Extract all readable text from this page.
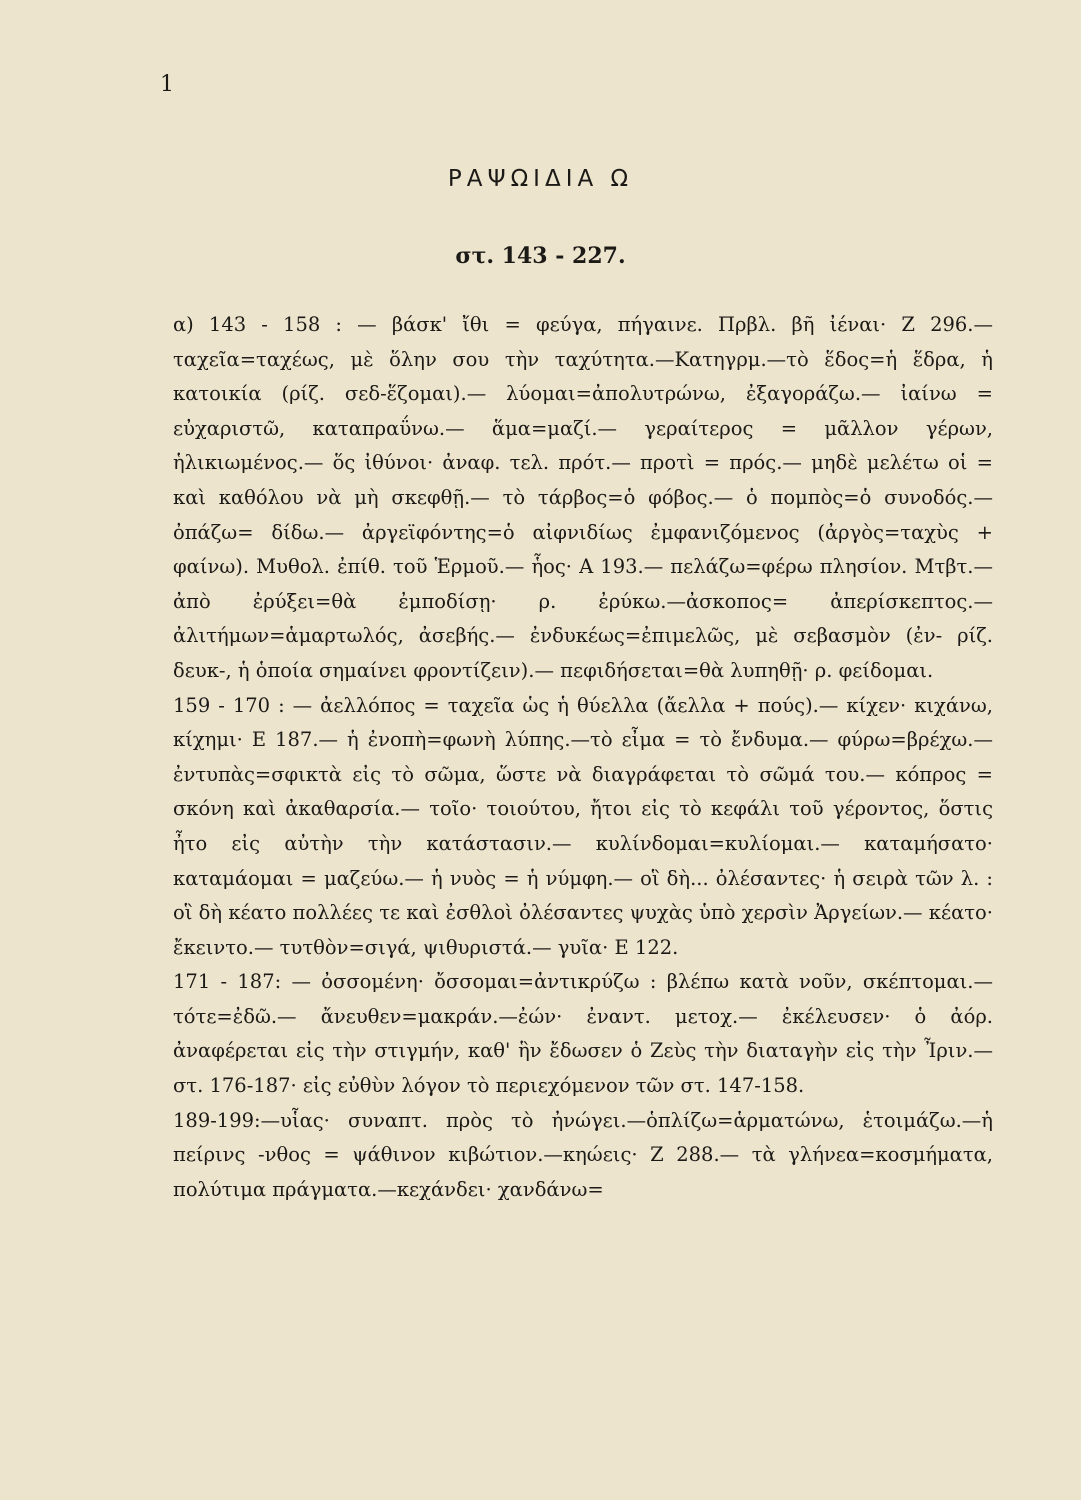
1
ΡΑΨΩΙΔΙΑ Ω
στ. 143 - 227.

α) 143 - 158 : — βάσκ' ἴθι = φεύγα, πήγαινε. Πρβλ. βῆ ἰέναι· Ζ 296.— ταχεῖα=ταχέως, μὲ ὅλην σου τὴν ταχύτητα.—Κατηγρμ.—τὸ ἕδος=ἡ ἕδρα, ἡ κατοικία (ρίζ. σεδ-ἕζομαι).— λύομαι=ἀπολυτρώνω, ἐξαγοράζω.— ἰαίνω = εὐχαριστῶ, καταπραΰνω.— ἅμα=μαζί.— γεραίτερος = μᾶλλον γέρων, ἡλικιωμένος.— ὅς ἰθύνοι· ἀναφ. τελ. πρότ.— προτὶ = πρός.— μηδὲ μελέτω οἱ = καὶ καθόλου νὰ μὴ σκεφθῇ.— τὸ τάρβος=ὁ φόβος.— ὁ πομπὸς=ὁ συνοδός.— ὀπάζω= δίδω.— ἀργεϊφόντης=ὁ αἰφνιδίως ἐμφανιζόμενος (ἀργὸς=ταχὺς + φαίνω). Μυθολ. ἐπίθ. τοῦ Ἑρμοῦ.— ἧος· Α 193.— πελάζω=φέρω πλησίον. Μτβτ.— ἀπὸ ἐρύξει=θὰ ἐμποδίσῃ· ρ. ἐρύκω.—ἀσκοπος= ἀπερίσκεπτος.—ἀλιτήμων=ἁμαρτωλός, ἀσεβής.— ἐνδυκέως=ἐπιμελῶς, μὲ σεβασμὸν (ἐν- ρίζ. δευκ-, ἡ ὁποία σημαίνει φροντίζειν).— πεφιδήσεται=θὰ λυπηθῇ· ρ. φείδομαι.

159 - 170 : — ἀελλόπος = ταχεῖα ὡς ἡ θύελλα (ἄελλα + πούς).— κίχεν· κιχάνω, κίχημι· Ε 187.— ἡ ἐνοπὴ=φωνὴ λύπης.—τὸ εἶμα = τὸ ἔνδυμα.— φύρω=βρέχω.— ἐντυπὰς=σφικτὰ εἰς τὸ σῶμα, ὥστε νὰ διαγράφεται τὸ σῶμά του.— κόπρος = σκόνη καὶ ἀκαθαρσία.— τοῖο· τοιούτου, ἤτοι εἰς τὸ κεφάλι τοῦ γέροντος, ὅστις ἦτο εἰς αὐτὴν τὴν κατάστασιν.— κυλίνδομαι=κυλίομαι.— καταμήσατο· καταμάομαι = μαζεύω.— ἡ νυὸς = ἡ νύμφη.— οἳ δὴ... ὀλέσαντες· ἡ σειρὰ τῶν λ. : οἳ δὴ κέατο πολλέες τε καὶ ἐσθλοὶ ὀλέσαντες ψυχὰς ὑπὸ χερσὶν Ἀργείων.— κέατο· ἔκειντο.— τυτθὸν=σιγά, ψιθυριστά.— γυῖα· Ε 122.

171 - 187: — ὀσσομένη· ὄσσομαι=ἀντικρύζω : βλέπω κατὰ νοῦν, σκέπτομαι.— τότε=ἐδῶ.— ἄνευθεν=μακράν.—ἐών· ἐναντ. μετοχ.— ἐκέλευσεν· ὁ ἀόρ. ἀναφέρεται εἰς τὴν στιγμήν, καθ' ἣν ἔδωσεν ὁ Ζεὺς τὴν διαταγὴν εἰς τὴν Ἶριν.— στ. 176-187· εἰς εὐθὺν λόγον τὸ περιεχόμενον τῶν στ. 147-158.

189-199:—υἷας· συναπτ. πρὸς τὸ ἠνώγει.—ὁπλίζω=ἁρματώνω, ἑτοιμάζω.—ἡ πείρινς -νθος = ψάθινον κιβώτιον.—κηώεις· Ζ 288.— τὰ γλήνεα=κοσμήματα, πολύτιμα πράγματα.—κεχάνδει· χανδάνω=
